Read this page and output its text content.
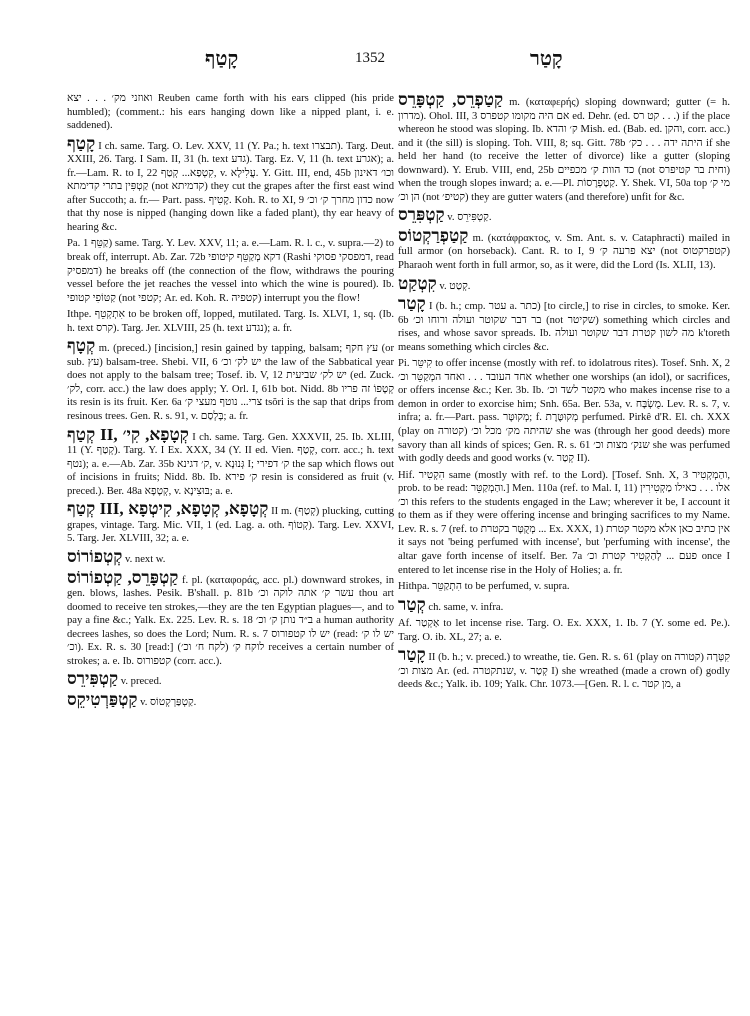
קָטַף	1352	קָטַר
ואוזני מק׳ . . . יצא Reuben came forth with his ears clipped (his pride humbled); (comment.: his ears hanging down like a nipped plant, i. e. saddened).
קָטַף I ch. same. Targ. O. Lev. XXV, 11 (Y. Pa.; h. text תבצרו). Targ. Deut. XXIII, 26. Targ. I Sam. II, 31 (h. text גדע). Targ. Ez. V, 11 (h. text אגרע); a. fr.—Lam. R. to I, 22 קִטְפַא... קְטַף, v. עֲלִילָא. Y. Gitt. III, end, 45b וכו׳ דאינון קַטְפִּין בתרי קדימתא (not קדמיתא) they cut the grapes after the first east wind after Succoth; a. fr.— Part. pass. קָטִיף. Koh. R. to XI, 9 כדון מחרך ק׳ וכ׳ now that thy nose is nipped (hanging down like a faded plant), thy ear heavy of hearing &c.
Pa. קַטֵּף 1) same. Targ. Y. Lev. XXV, 11; a. e.—Lam. R. l. c., v. supra.—2) to break off, interrupt. Ab. Zar. 72b דקא מְקַטֵּף קיטופי (Rashi דמפסקי פסוקי, read דמפסיק) he breaks off (the connection of the flow, withdraws the pouring vessel before the jet reaches the vessel into which the wine is poured). Ib. קַטּוֹפִי קטופי (not קטפי; Ar. ed. Koh. R. קטפיה) interrupt you the flow!
Ithpe. אִתְקְטֵף to be broken off, lopped, mutilated. Targ. Is. XLVI, 1, sq. (Ib. h. text קרס). Targ. Jer. XLVIII, 25 (h. text נגדע); a. fr.
קְטָף m. (preced.) [incision,] resin gained by tapping, balsam; עץ חקף (or sub. עץ) balsam-tree. Shebi. VII, 6 יש לק׳ וכ׳ the law of the Sabbatical year does not apply to the balsam tree; Tosef. ib. V, 12 יש לק׳ שביעית (ed. Zuck. לק׳, corr. acc.) the law does apply; Y. Orl. I, 61b bot. Nidd. 8b קְטָפוֹ זה פריו its resin is its fruit. Ker. 6a צרי... נוטף מעצי ק׳ tsŏri is the sap that drips from resinous trees. Gen. R. s. 91, v. בָּלְסַם; a. fr.
קְטַף II, קְטָפָא, קִי׳ I ch. same. Targ. Gen. XXXVII, 25. Ib. XLIII, 11 (Y. קְטַף). Targ. Y. I Ex. XXX, 34 (Y. II ed. Vien. קְטַף, corr. acc.; h. text נטף); a. e.—Ab. Zar. 35b ק׳ דגינא, v. גְּנוּנָא I; ק׳ דפירי the sap which flows out of incisions in fruits; Nidd. 8b. Ib. ק׳ פירא resin is considered as fruit (v. preced.). Ber. 48a קְטָפָא, v. בּוּצִינָא; a. e.
קְטַף III, קְטָפָא, קְטָפָא, קִיטְפָא II m. (קְטַף) plucking, cutting grapes, vintage. Targ. Mic. VII, 1 (ed. Lag. a. oth. קְטוֹף). Targ. Lev. XXVI, 5. Targ. Jer. XLVIII, 32; a. e.
קְטְפוֹרוֹס v. next w.
קַטְפָּרֵס, קַטְפוֹרוֹס f. pl. (καταφοράς, acc. pl.) downward strokes, in gen. blows, lashes. Pesik. B'shall. p. 81b עשר ק׳ אתה לוקה וכ׳ thou art doomed to receive ten strokes,—they are the ten Egyptian plagues—, and to pay a fine &c.; Yalk. Ex. 225. Lev. R. s. 18 ב״ד נותן ק׳ וכ׳ a human authority decrees lashes, so does the Lord; Num. R. s. 7 יש לו קטפורוס (read: יש לו ק׳ וכ׳). Ex. R. s. 30 [read:] לוקח ק׳ (לקח ח׳ וכ׳) receives a certain number of strokes; a. e. Ib. קטפורוס (corr. acc.).
קַטְפִּירֵס v. preced.
קַטְפַּרְטִיקֵס v. קַטְפַּרְקְטוֹס.
קַטַפְרֵס, קַטְפָּרֵס m. (καταφερής) sloping downward; gutter (= h. מדרון). Ohol. III, 3 אם היה מקומו קטפרס ed. Dehr. (ed. קט רס . . .) if the place whereon he stood was sloping. Ib. ק׳ והדא Mish. ed. (Bab. ed. והקן, corr. acc.) and it (the sill) is sloping. Toh. VIII, 8; sq. Gitt. 78b היתה ידה . . . כק׳ if she held her hand (to receive the letter of divorce) like a gutter (sloping downward). Y. Erub. VIII, end, 25b כד הוות ק׳ מכפיים (not וחית בר קטיפרס) when the trough slopes inward; a. e.—Pl. קַטַפְרָסוֹת. Y. Shek. VI, 50a top מי ק׳ הן וכ׳ (not קטיפ׳) they are gutter waters (and therefore) unfit for &c.
קַטְפִּרֵס v. קַטְפִּירֵס.
קַטַפְרַקְטוֹס m. (κατάφρακτος, v. Sm. Ant. s. v. Cataphracti) mailed in full armor (on horseback). Cant. R. to I, 9 יצא פרעה ק׳ (not קטפרקטוס) Pharaoh went forth in full armor, so, as it were, did the Lord (Is. XLII, 13).
קִטְקַט v. קְטַט.
קָטַר I (b. h.; cmp. עטר a. כתר) [to circle,] to rise in circles, to smoke. Ker. 6b בר דבר שקוטר ועולה ורוחו וכ׳ (not שקיטר) something which circles and rises, and whose savor spreads. Ib. מה לשון קטרת דבר שקוטר ועולה k'toreth means something which circles &c.
Pi. קִיטֵּר to offer incense (mostly with ref. to idolatrous rites). Tosef. Snh. X, 2 אחד העובד . . . ואחד המְקַטֵּר וכ׳ whether one worships (an idol), or sacrifices, or offers incense &c.; Ker. 3b. Ib. מקטר לשד וכ׳ who makes incense rise to a demon in order to exorcise him; Snh. 65a. Ber. 53a, v. מֻשְׂבָּח. Lev. R. s. 7, v. infra; a. fr.—Part. pass. מְקוּטָּר; f. מְקוּטֶּרֶת perfumed. Pirkê d'R. El. ch. XXX (play on קטורה) שהיתה מק׳ מכל וכ׳ she was (through her good deeds) more savory than all kinds of spices; Gen. R. s. 61 שנק׳ מצות וכ׳ she was perfumed with godly deeds and good works (v. קְטַר II).
Hif. הִקְטִיר same (mostly with ref. to the Lord). [Tosef. Snh. X, 3 והַמְקְטִיר, prob. to be read: והַמְקַטֵּר.] Men. 110a (ref. to Mal. I, 11) אלו . . . כאילו מַקְטִירִין וכ׳ this refers to the students engaged in the Law; wherever it be, I account it to them as if they were offering incense and bringing sacrifices to my Name. Lev. R. s. 7 (ref. to מְקֻטָּר בקטרת ... Ex. XXX, 1) אין כתיב כאן אלא מקטר קטרת it says not 'being perfumed with incense', but 'perfuming with incense', the altar gave forth incense of itself. Ber. 7a פעם ... לְהַקְטִיר קטרת וכ׳ once I entered to let incense rise in the Holy of Holies; a. fr.
Hithpa. הִתְקַטֵּר to be perfumed, v. supra.
קְטַר ch. same, v. infra.
Af. אַקְטַר to let incense rise. Targ. O. Ex. XXX, 1. Ib. 7 (Y. some ed. Pe.). Targ. O. ib. XL, 27; a. e.
קָטַר II (b. h.; v. preced.) to wreathe, tie. Gen. R. s. 61 (play on קטורה) קִטְּרָה מצות וכ׳ Ar. (ed. שנתקטרה, v. קְטַר I) she wreathed (made a crown of) godly deeds &c.; Yalk. ib. 109; Yalk. Chr. 1073.—[Gen. R. l. c. מן קטר, a
